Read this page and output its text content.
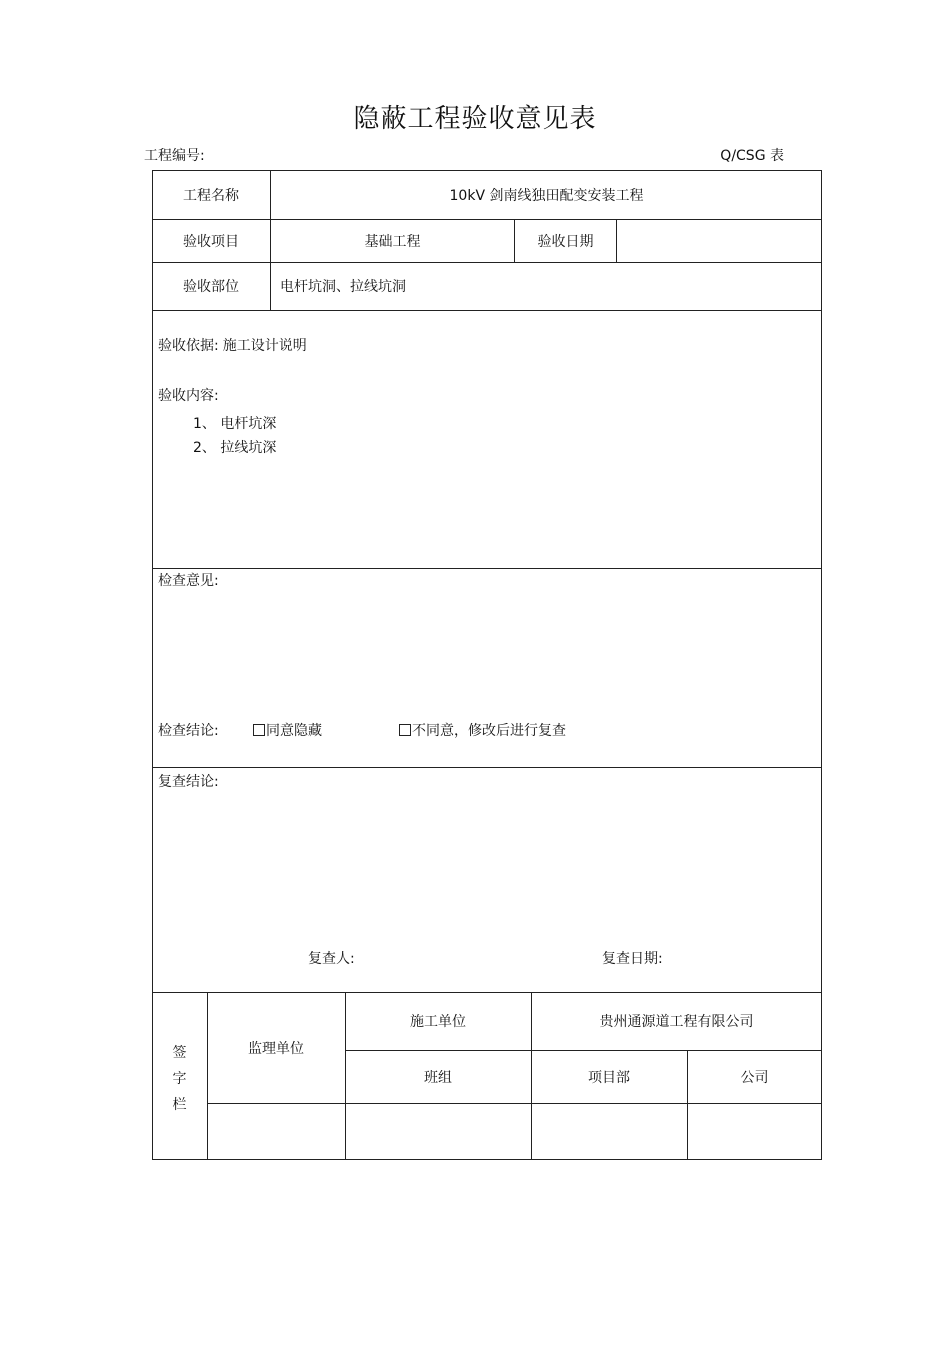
隐蔽工程验收意见表
工程编号:	Q/CSG 表
工程名称	10kV 剑南线独田配变安装工程
验收项目	基础工程	验收日期
验收部位	电杆坑洞、拉线坑洞
验收依据: 施工设计说明
验收内容:
1、 电杆坑深
2、 拉线坑深
检查意见:
检查结论:	同意隐藏	不同意，修改后进行复查
复查结论:
复查人:	复查日期:
签
字
栏
监理单位
施工单位	贵州通源道工程有限公司
班组	项目部	公司
